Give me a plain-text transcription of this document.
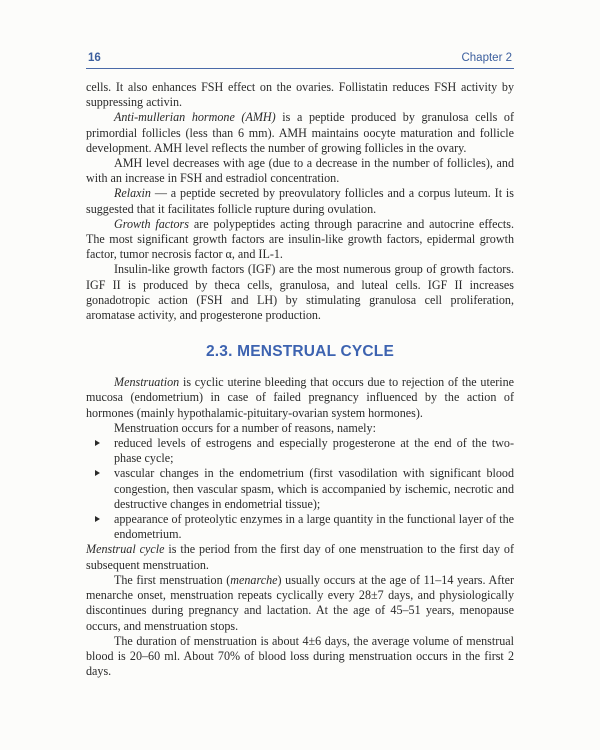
16	Chapter 2

cells. It also enhances FSH effect on the ovaries. Follistatin reduces FSH activity by suppressing activin.

Anti-mullerian hormone (AMH) is a peptide produced by granulosa cells of primordial follicles (less than 6 mm). AMH maintains oocyte maturation and follicle development. AMH level reflects the number of growing follicles in the ovary.

AMH level decreases with age (due to a decrease in the number of follicles), and with an increase in FSH and estradiol concentration.

Relaxin — a peptide secreted by preovulatory follicles and a corpus luteum. It is suggested that it facilitates follicle rupture during ovulation.

Growth factors are polypeptides acting through paracrine and autocrine effects. The most significant growth factors are insulin-like growth factors, epidermal growth factor, tumor necrosis factor α, and IL-1.

Insulin-like growth factors (IGF) are the most numerous group of growth factors. IGF II is produced by theca cells, granulosa, and luteal cells. IGF II increases gonadotropic action (FSH and LH) by stimulating granulosa cell proliferation, aromatase activity, and progesterone production.

2.3. MENSTRUAL CYCLE

Menstruation is cyclic uterine bleeding that occurs due to rejection of the uterine mucosa (endometrium) in case of failed pregnancy influenced by the action of hormones (mainly hypothalamic-pituitary-ovarian system hormones).

Menstruation occurs for a number of reasons, namely:

reduced levels of estrogens and especially progesterone at the end of the two-phase cycle;
vascular changes in the endometrium (first vasodilation with significant blood congestion, then vascular spasm, which is accompanied by ischemic, necrotic and destructive changes in endometrial tissue);
appearance of proteolytic enzymes in a large quantity in the functional layer of the endometrium.

Menstrual cycle is the period from the first day of one menstruation to the first day of subsequent menstruation.

The first menstruation (menarche) usually occurs at the age of 11–14 years. After menarche onset, menstruation repeats cyclically every 28±7 days, and physiologically discontinues during pregnancy and lactation. At the age of 45–51 years, menopause occurs, and menstruation stops.

The duration of menstruation is about 4±6 days, the average volume of menstrual blood is 20–60 ml. About 70% of blood loss during menstruation occurs in the first 2 days.
